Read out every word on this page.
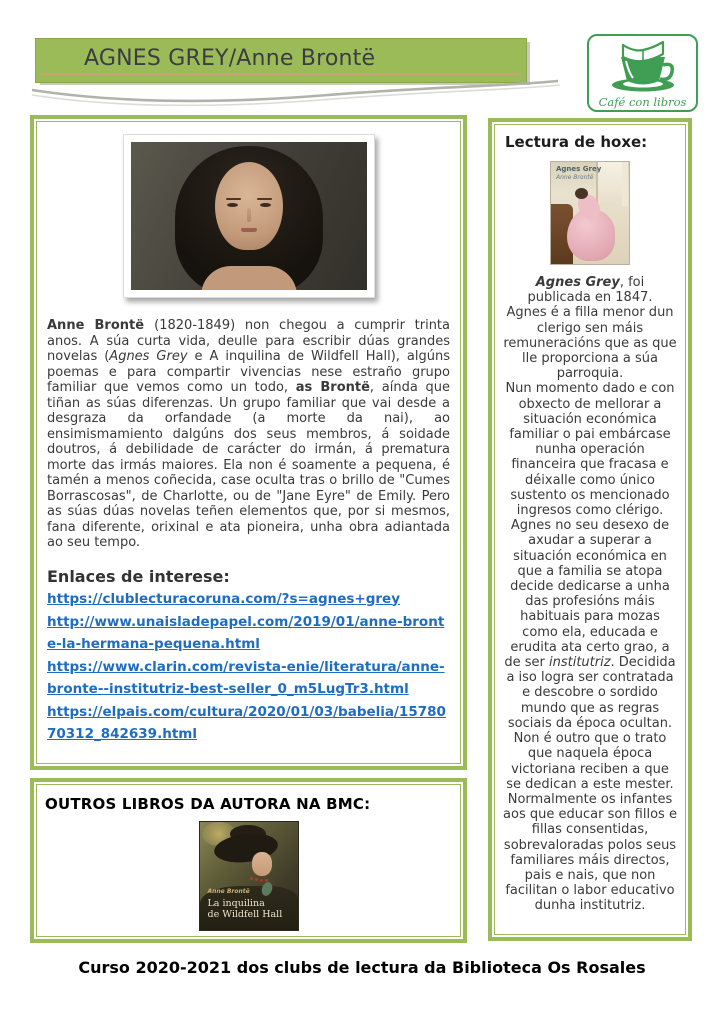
AGNES GREY/Anne Brontë
Café con libros
Anne Brontë (1820-1849) non chegou a cumprir trinta anos. A súa curta vida, deulle para escribir dúas grandes novelas (Agnes Grey e A inquilina de Wildfell Hall), algúns poemas e para compartir vivencias nese estraño grupo familiar que vemos como un todo, as Brontë, aínda que tiñan as súas diferenzas. Un grupo familiar que vai desde a desgraza da orfandade (a morte da nai), ao ensimismamiento dalgúns dos seus membros, á soidade doutros, á debilidade de carácter do irmán, á prematura morte das irmás maiores. Ela non é soamente a pequena, é tamén a menos coñecida, case oculta tras o brillo de "Cumes Borrascosas", de Charlotte, ou de "Jane Eyre" de Emily. Pero as súas dúas novelas teñen elementos que, por si mesmos, fana diferente, orixinal e ata pioneira, unha obra adiantada ao seu tempo.
Enlaces de interese:
https://clublecturacoruna.com/?s=agnes+grey
http://www.unaisladepapel.com/2019/01/anne-bronte-la-hermana-pequena.html
https://www.clarin.com/revista-enie/literatura/anne-bronte--institutriz-best-seller_0_m5LugTr3.html
https://elpais.com/cultura/2020/01/03/babelia/1578070312_842639.html
OUTROS LIBROS DA AUTORA NA BMC:
Anne Brontë
La inquilina
de Wildfell Hall
Lectura de hoxe:
Agnes Grey
Anne Brontë
Agnes Grey, foi publicada en 1847.
Agnes é a filla menor dun clerigo sen máis remuneracións que as que lle proporciona a súa parroquia.
Nun momento dado e con obxecto de mellorar a situación económica familiar o pai embárcase nunha operación financeira que fracasa e déixalle como único sustento os mencionado ingresos como clérigo.
Agnes no seu desexo de axudar a superar a situación económica en que a familia se atopa decide dedicarse a unha das profesións máis habituais para mozas como ela, educada e erudita ata certo grao, a de ser institutriz. Decidida a iso logra ser contratada e descobre o sordido mundo que as regras sociais da época ocultan. Non é outro que o trato que naquela época victoriana reciben a que se dedican a este mester. Normalmente os infantes aos que educar son fillos e fillas consentidas, sobrevaloradas polos seus familiares máis directos, pais e nais, que non facilitan o labor educativo dunha institutriz.
Curso 2020-2021 dos clubs de lectura da Biblioteca Os Rosales
